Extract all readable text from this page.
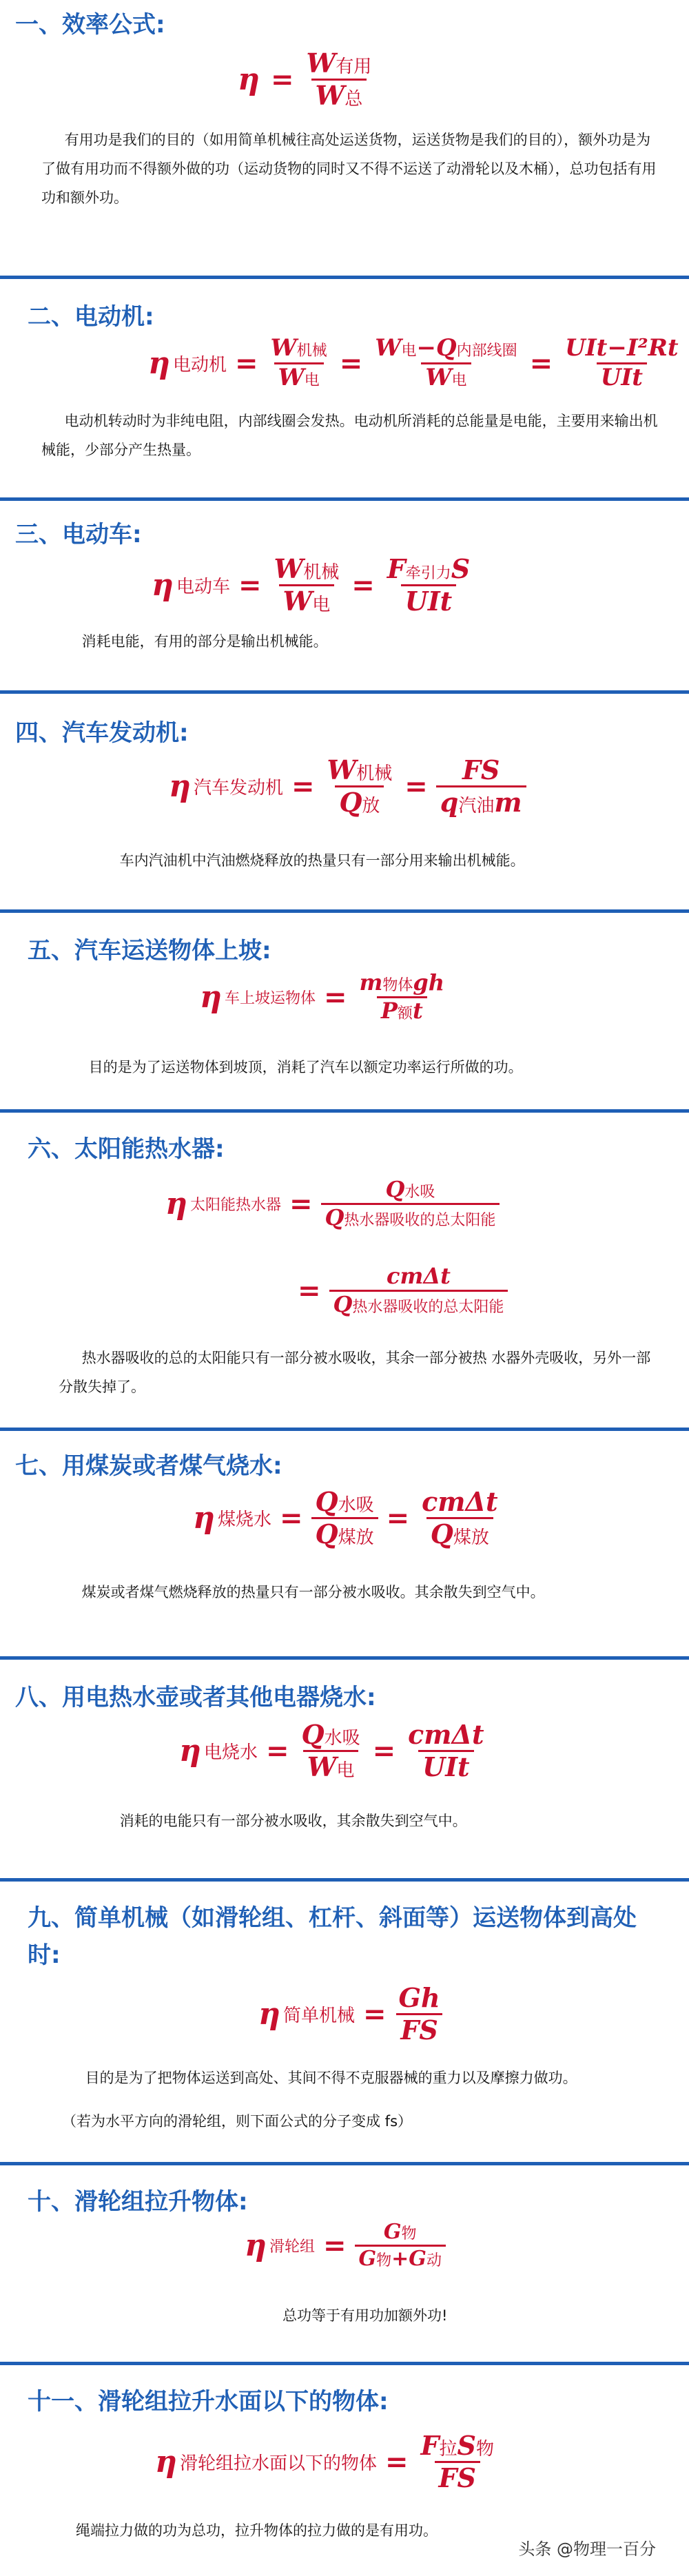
一、效率公式:
$\eta = \frac{\text{W有用}}{\text{W总}}$
有用功是我们的目的（如用简单机械往高处运送货物，运送货物是我们的目的），额外功是为了做有用功而不得额外做的功（运动货物的同时又不得不运送了动滑轮以及木桶），总功包括有用功和额外功。
二、电动机:
η 电动机 = $\frac{\text{W机械}}{\text{W电}} = \frac{\text{W电−Q内部线圈}}{\text{W电}} = \frac{\text{UIt−I²Rt}}{\text{UIt}}$
电动机转动时为非纯电阻，内部线圈会发热。电动机所消耗的总能量是电能，主要用来输出机械能，少部分产生热量。
三、电动车:
η 电动车 = $\frac{\text{W机械}}{\text{W电}} = \frac{\text{F牵引力S}}{\text{UIt}}$
消耗电能，有用的部分是输出机械能。
四、汽车发动机:
η 汽车发动机 = $\frac{\text{W机械}}{\text{Q放}} = \frac{FS}{\text{q汽油m}}$
车内汽油机中汽油燃烧释放的热量只有一部分用来输出机械能。
五、汽车运送物体上坡:
η 车上坡运物体 = $\frac{\text{m物体gh}}{\text{P额t}}$
目的是为了运送物体到坡顶，消耗了汽车以额定功率运行所做的功。
六、太阳能热水器:
η 太阳能热水器 = $\frac{\text{Q水吸}}{\text{Q热水器吸收的总太阳能}}$
= $\frac{\text{cmΔt}}{\text{Q热水器吸收的总太阳能}}$
热水器吸收的总的太阳能只有一部分被水吸收，其余一部分被热 水器外壳吸收，另外一部分散失掉了。
七、用煤炭或者煤气烧水:
η 煤烧水 = $\frac{\text{Q水吸}}{\text{Q煤放}} = \frac{\text{cmΔt}}{\text{Q煤放}}$
煤炭或者煤气燃烧释放的热量只有一部分被水吸收。其余散失到空气中。
八、用电热水壶或者其他电器烧水:
η 电烧水 = $\frac{\text{Q水吸}}{\text{W电}} = \frac{\text{cmΔt}}{\text{UIt}}$
消耗的电能只有一部分被水吸收，其余散失到空气中。
九、简单机械（如滑轮组、杠杆、斜面等）运送物体到高处
时:
η 简单机械 = $\frac{Gh}{FS}$
目的是为了把物体运送到高处、其间不得不克服器械的重力以及摩擦力做功。
（若为水平方向的滑轮组，则下面公式的分子变成 fs）
十、滑轮组拉升物体:
η 滑轮组 = $\frac{\text{G物}}{\text{G物+G动}}$
总功等于有用功加额外功!
十一、滑轮组拉升水面以下的物体:
η 滑轮组拉水面以下的物体 = $\frac{\text{F拉S物}}{FS}$
绳端拉力做的功为总功，拉升物体的拉力做的是有用功。
头条 @物理一百分
